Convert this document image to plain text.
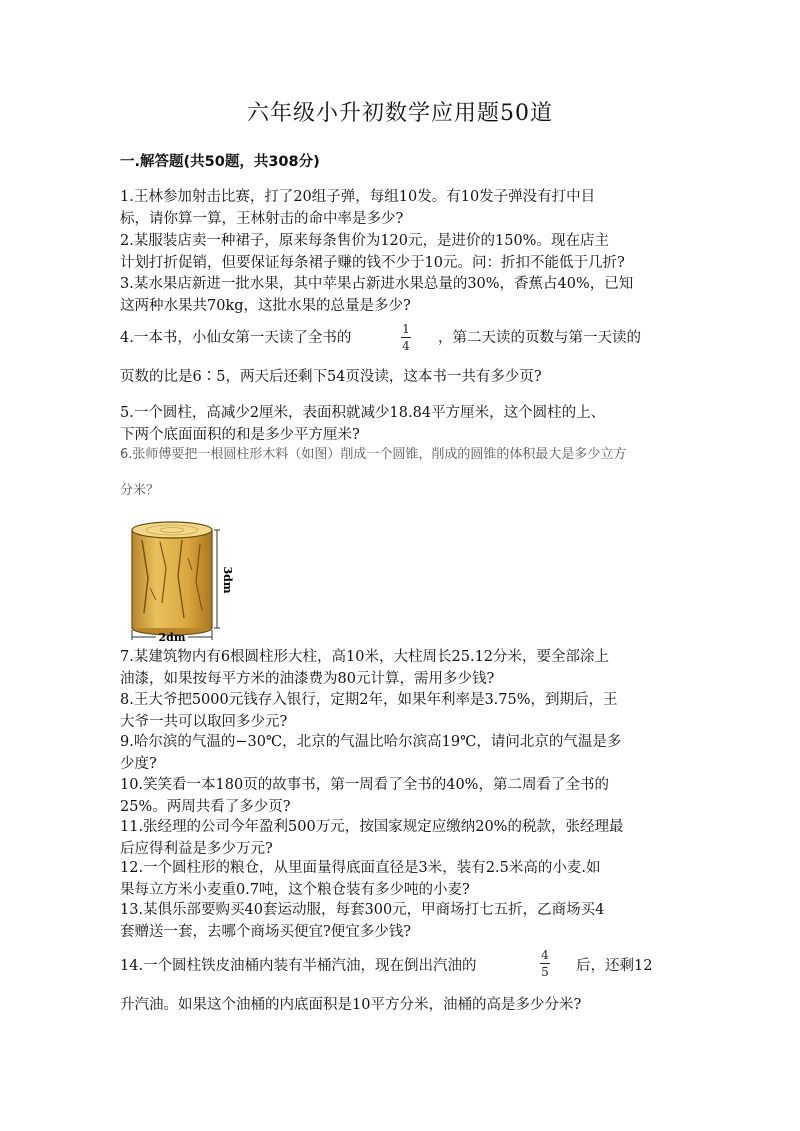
六年级小升初数学应用题50道
一.解答题(共50题，共308分)
1.王林参加射击比赛，打了20组子弹，每组10发。有10发子弹没有打中目
标，请你算一算，王林射击的命中率是多少?
2.某服装店卖一种裙子，原来每条售价为120元，是进价的150%。现在店主
计划打折促销，但要保证每条裙子赚的钱不少于10元。问：折扣不能低于几折?
3.某水果店新进一批水果，其中苹果占新进水果总量的30%，香蕉占40%，已知
这两种水果共70kg，这批水果的总量是多少?
4.一本书，小仙女第一天读了全书的
1
4 ，第二天读的页数与第一天读的
页数的比是6∶5，两天后还剩下54页没读，这本书一共有多少页?
5.一个圆柱，高减少2厘米，表面积就减少18.84平方厘米，这个圆柱的上、
下两个底面面积的和是多少平方厘米?
6.张师傅要把一根圆柱形木料（如图）削成一个圆锥，削成的圆锥的体积最大是多少立方
分米？
3dm
2dm
7.某建筑物内有6根圆柱形大柱，高10米，大柱周长25.12分米，要全部涂上
油漆，如果按每平方米的油漆费为80元计算，需用多少钱?
8.王大爷把5000元钱存入银行，定期2年，如果年利率是3.75%，到期后，王
大爷一共可以取回多少元?
9.哈尔滨的气温的−30℃，北京的气温比哈尔滨高19℃，请问北京的气温是多
少度?
10.笑笑看一本180页的故事书，第一周看了全书的40%，第二周看了全书的
25%。两周共看了多少页?
11.张经理的公司今年盈利500万元，按国家规定应缴纳20%的税款，张经理最
后应得利益是多少万元?
12.一个圆柱形的粮仓，从里面量得底面直径是3米，装有2.5米高的小麦.如
果每立方米小麦重0.7吨，这个粮仓装有多少吨的小麦?
13.某俱乐部要购买40套运动服，每套300元，甲商场打七五折，乙商场买4
套赠送一套，去哪个商场买便宜?便宜多少钱?
14.一个圆柱铁皮油桶内装有半桶汽油，现在倒出汽油的
4
5 后，还剩12
升汽油。如果这个油桶的内底面积是10平方分米，油桶的高是多少分米?
